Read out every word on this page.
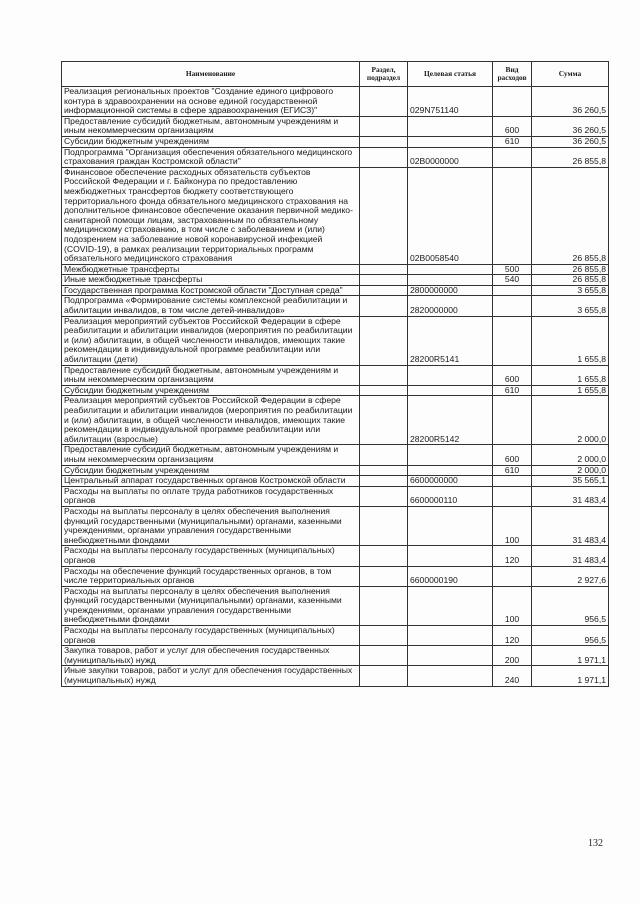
Наименование	Раздел, подраздел	Целевая статья	Вид расходов	Сумма
Реализация региональных проектов "Создание единого цифрового контура в здравоохранении на основе единой государственной информационной системы в сфере здравоохранения (ЕГИСЗ)"		029N751140		36 260,5
Предоставление субсидий бюджетным, автономным учреждениям и иным некоммерческим организациям			600	36 260,5
Субсидии бюджетным учреждениям			610	36 260,5
Подпрограмма "Организация обеспечения обязательного медицинского страхования граждан Костромской области"		02B0000000		26 855,8
Финансовое обеспечение расходных обязательств субъектов Российской Федерации и г. Байконура по предоставлению межбюджетных трансфертов бюджету соответствующего территориального фонда обязательного медицинского страхования на дополнительное финансовое обеспечение оказания первичной медико-санитарной помощи лицам, застрахованным по обязательному медицинскому страхованию, в том числе с заболеванием и (или) подозрением на заболевание новой коронавирусной инфекцией (COVID-19), в рамках реализации территориальных программ обязательного медицинского страхования		02B0058540		26 855,8
Межбюджетные трансферты			500	26 855,8
Иные межбюджетные трансферты			540	26 855,8
Государственная программа Костромской области "Доступная среда"		2800000000		3 655,8
Подпрограмма «Формирование системы комплексной реабилитации и абилитации инвалидов, в том числе детей-инвалидов»		2820000000		3 655,8
Реализация мероприятий субъектов Российской Федерации в сфере реабилитации и абилитации инвалидов (мероприятия по реабилитации и (или) абилитации, в общей численности инвалидов, имеющих такие рекомендации в индивидуальной программе реабилитации или абилитации (дети)		28200R5141		1 655,8
Предоставление субсидий бюджетным, автономным учреждениям и иным некоммерческим организациям			600	1 655,8
Субсидии бюджетным учреждениям			610	1 655,8
Реализация мероприятий субъектов Российской Федерации в сфере реабилитации и абилитации инвалидов (мероприятия по реабилитации и (или) абилитации, в общей численности инвалидов, имеющих такие рекомендации в индивидуальной программе реабилитации или абилитации (взрослые)		28200R5142		2 000,0
Предоставление субсидий бюджетным, автономным учреждениям и иным некоммерческим организациям			600	2 000,0
Субсидии бюджетным учреждениям			610	2 000,0
Центральный аппарат государственных органов Костромской области		6600000000		35 565,1
Расходы на выплаты по оплате труда работников государственных органов		6600000110		31 483,4
Расходы на выплаты персоналу в целях обеспечения выполнения функций государственными (муниципальными) органами, казенными учреждениями, органами управления государственными внебюджетными фондами			100	31 483,4
Расходы на выплаты персоналу государственных (муниципальных) органов			120	31 483,4
Расходы на обеспечение функций государственных органов, в том числе территориальных органов		6600000190		2 927,6
Расходы на выплаты персоналу в целях обеспечения выполнения функций государственными (муниципальными) органами, казенными учреждениями, органами управления государственными внебюджетными фондами			100	956,5
Расходы на выплаты персоналу государственных (муниципальных) органов			120	956,5
Закупка товаров, работ и услуг для обеспечения государственных (муниципальных) нужд			200	1 971,1
Иные закупки товаров, работ и услуг для обеспечения государственных (муниципальных) нужд			240	1 971,1
132
